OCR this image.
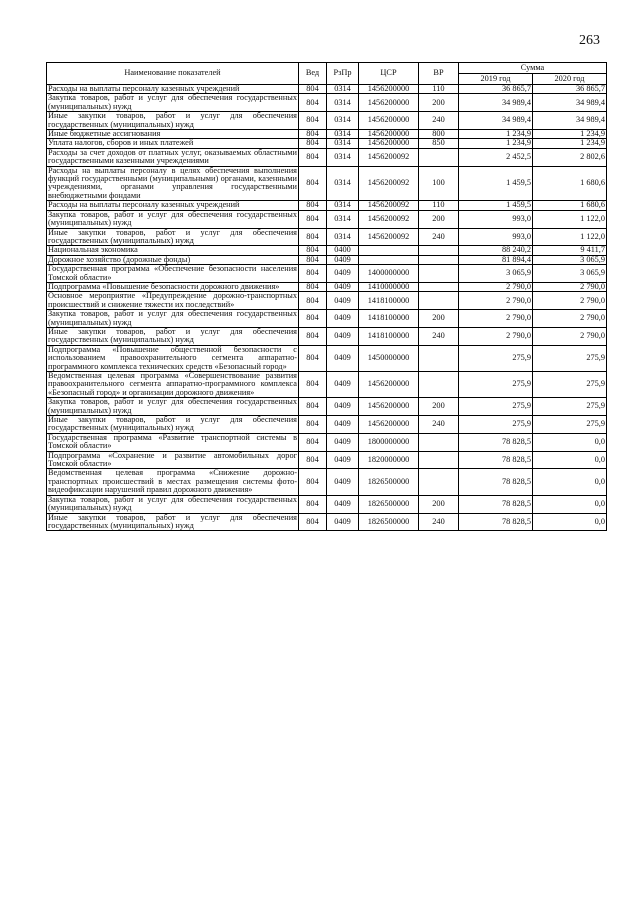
263
Наименование показателей	Вед	РзПр	ЦСР	ВР	Сумма	
					2019 год	2020 год
Расходы на выплаты персоналу казенных учреждений	804	0314	1456200000	110	36 865,7	36 865,7
Закупка товаров, работ и услуг для обеспечения государственных (муниципальных) нужд	804	0314	1456200000	200	34 989,4	34 989,4
Иные закупки товаров, работ и услуг для обеспечения государственных (муниципальных) нужд	804	0314	1456200000	240	34 989,4	34 989,4
Иные бюджетные ассигнования	804	0314	1456200000	800	1 234,9	1 234,9
Уплата налогов, сборов и иных платежей	804	0314	1456200000	850	1 234,9	1 234,9
Расходы за счет доходов от платных услуг, оказываемых областными государственными казенными учреждениями	804	0314	1456200092		2 452,5	2 802,6
Расходы на выплаты персоналу в целях обеспечения выполнения функций государственными (муниципальными) органами, казенными учреждениями, органами управления государственными внебюджетными фондами	804	0314	1456200092	100	1 459,5	1 680,6
Расходы на выплаты персоналу казенных учреждений	804	0314	1456200092	110	1 459,5	1 680,6
Закупка товаров, работ и услуг для обеспечения государственных (муниципальных) нужд	804	0314	1456200092	200	993,0	1 122,0
Иные закупки товаров, работ и услуг для обеспечения государственных (муниципальных) нужд	804	0314	1456200092	240	993,0	1 122,0
Национальная экономика	804	0400			88 240,2	9 411,7
Дорожное хозяйство (дорожные фонды)	804	0409			81 894,4	3 065,9
Государственная программа «Обеспечение безопасности населения Томской области»	804	0409	1400000000		3 065,9	3 065,9
Подпрограмма «Повышение безопасности дорожного движения»	804	0409	1410000000		2 790,0	2 790,0
Основное мероприятие «Предупреждение дорожно-транспортных происшествий и снижение тяжести их последствий»	804	0409	1418100000		2 790,0	2 790,0
Закупка товаров, работ и услуг для обеспечения государственных (муниципальных) нужд	804	0409	1418100000	200	2 790,0	2 790,0
Иные закупки товаров, работ и услуг для обеспечения государственных (муниципальных) нужд	804	0409	1418100000	240	2 790,0	2 790,0
Подпрограмма «Повышение общественной безопасности с использованием правоохранительного сегмента аппаратно-программного комплекса технических средств «Безопасный город»	804	0409	1450000000		275,9	275,9
Ведомственная целевая программа «Совершенствование развития правоохранительного сегмента аппаратно-программного комплекса «Безопасный город» и организации дорожного движения»	804	0409	1456200000		275,9	275,9
Закупка товаров, работ и услуг для обеспечения государственных (муниципальных) нужд	804	0409	1456200000	200	275,9	275,9
Иные закупки товаров, работ и услуг для обеспечения государственных (муниципальных) нужд	804	0409	1456200000	240	275,9	275,9
Государственная программа «Развитие транспортной системы в Томской области»	804	0409	1800000000		78 828,5	0,0
Подпрограмма «Сохранение и развитие автомобильных дорог Томской области»	804	0409	1820000000		78 828,5	0,0
Ведомственная целевая программа «Снижение дорожно-транспортных происшествий в местах размещения системы фото-видеофиксации нарушений правил дорожного движения»	804	0409	1826500000		78 828,5	0,0
Закупка товаров, работ и услуг для обеспечения государственных (муниципальных) нужд	804	0409	1826500000	200	78 828,5	0,0
Иные закупки товаров, работ и услуг для обеспечения государственных (муниципальных) нужд	804	0409	1826500000	240	78 828,5	0,0
